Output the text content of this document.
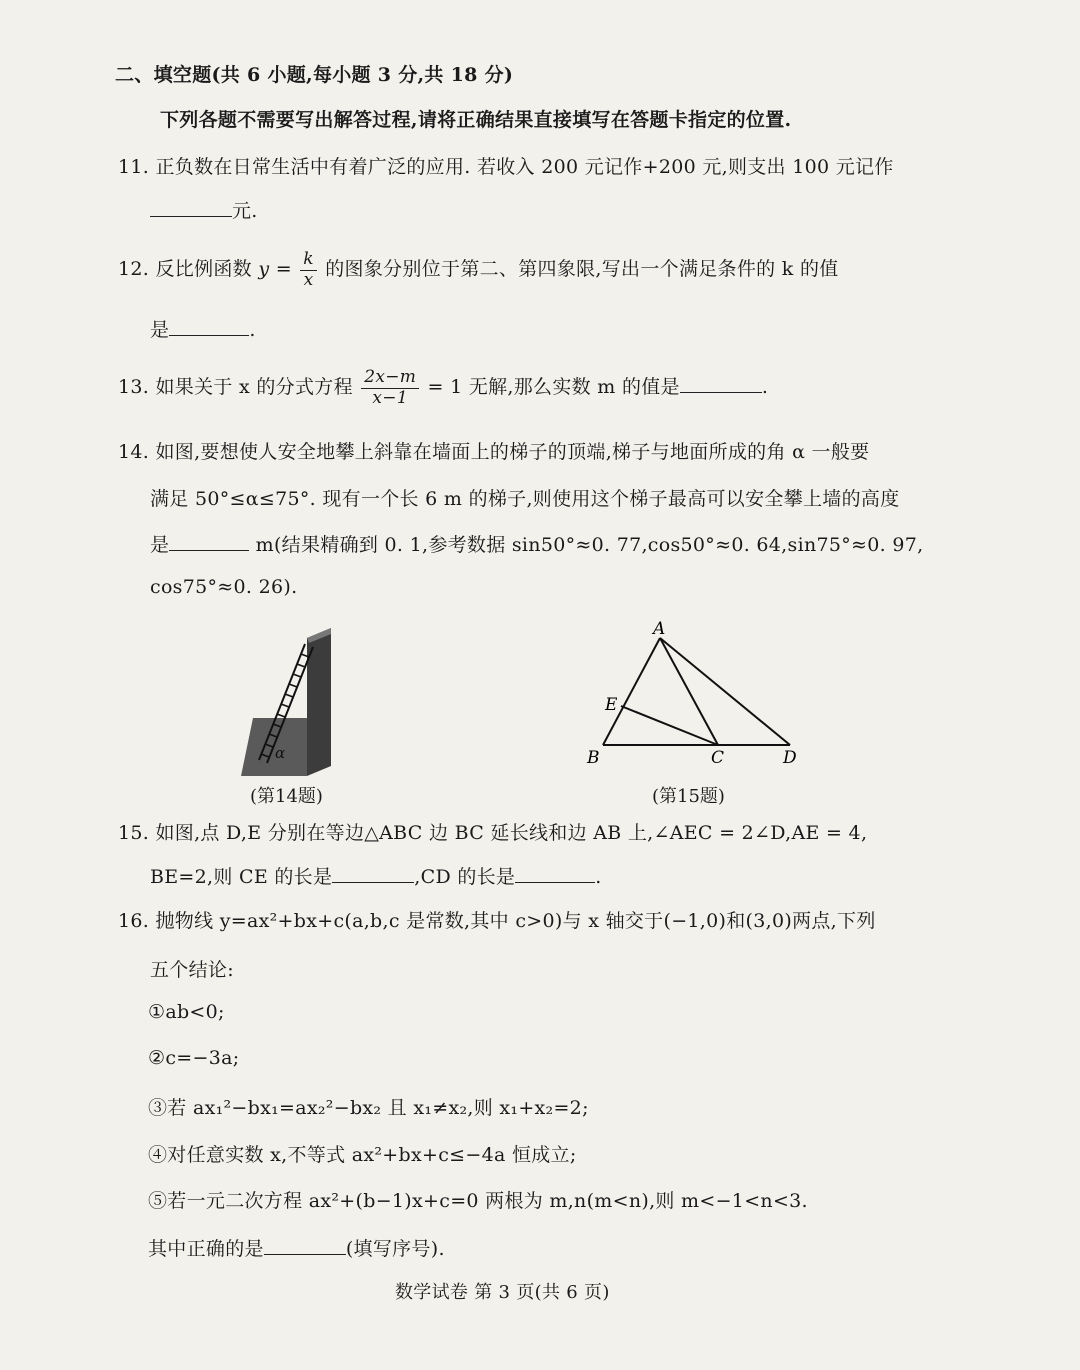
二、填空题(共 6 小题,每小题 3 分,共 18 分)
下列各题不需要写出解答过程,请将正确结果直接填写在答题卡指定的位置.
11. 正负数在日常生活中有着广泛的应用. 若收入 200 元记作+200 元,则支出 100 元记作
元.
12. 反比例函数 $y = \frac{k}{x}$ 的图象分别位于第二、第四象限,写出一个满足条件的 k 的值
是	.
13. 如果关于 x 的分式方程 $\frac{2x-m}{x-1} = 1$ 无解,那么实数 m 的值是	.
14. 如图,要想使人安全地攀上斜靠在墙面上的梯子的顶端,梯子与地面所成的角 α 一般要
满足 50°≤α≤75°. 现有一个长 6 m 的梯子,则使用这个梯子最高可以安全攀上墙的高度
是	m(结果精确到 0. 1,参考数据 sin50°≈0. 77,cos50°≈0. 64,sin75°≈0. 97,
cos75°≈0. 26).
α
(第14题)
A
E
B	C	D
(第15题)
15. 如图,点 D,E 分别在等边△ABC 边 BC 延长线和边 AB 上,∠AEC = 2∠D,AE = 4,
BE=2,则 CE 的长是	,CD 的长是	.
16. 抛物线 y=ax²+bx+c(a,b,c 是常数,其中 c>0)与 x 轴交于(−1,0)和(3,0)两点,下列
五个结论:
①ab<0;
②c=−3a;
③若 ax₁²−bx₁=ax₂²−bx₂ 且 x₁≠x₂,则 x₁+x₂=2;
④对任意实数 x,不等式 ax²+bx+c≤−4a 恒成立;
⑤若一元二次方程 ax²+(b−1)x+c=0 两根为 m,n(m<n),则 m<−1<n<3.
其中正确的是	(填写序号).
数学试卷 第 3 页(共 6 页)
